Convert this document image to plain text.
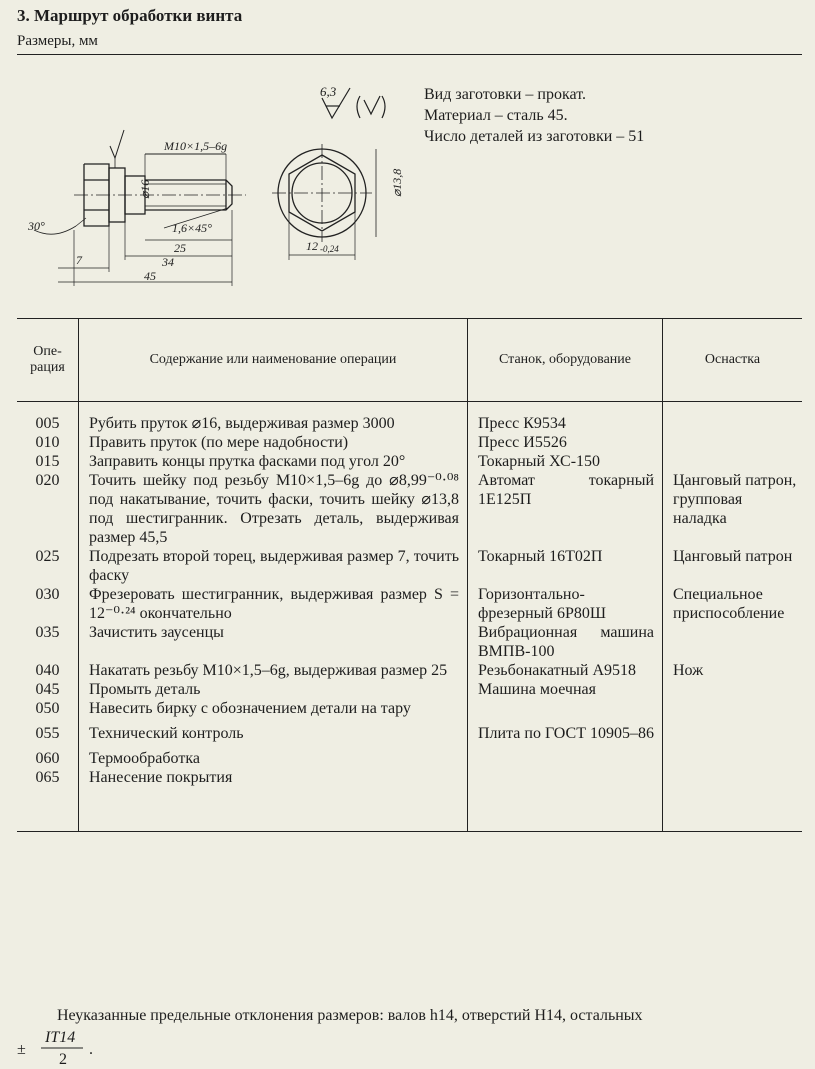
3. Маршрут обработки винта
Размеры, мм
M10×1,5–6g
⌀16
1,6×45°
25
34
45
7
30°
⌀13,8
12 -0,24
6,3	Вид заготовки – прокат.
Материал – сталь 45.
Число деталей из заготовки – 51
Опе-рация	Содержание или наименование операции	Станок, оборудование	Оснастка

005	Рубить пруток ⌀16, выдерживая размер 3000	Пресс К9534	
010	Править пруток (по мере надобности)	Пресс И5526	
015	Заправить концы прутка фасками под угол 20°	Токарный ХС-150	
020	Точить шейку под резьбу M10×1,5–6g до ⌀8,99⁻⁰·⁰⁸ под накатывание, точить фаски, точить шейку ⌀13,8 под шестигранник. Отрезать деталь, выдерживая размер 45,5	Автомат токарный 1Е125П	Цанговый патрон, групповая наладка
025	Подрезать второй торец, выдерживая размер 7, точить фаску	Токарный 16Т02П	Цанговый патрон
030	Фрезеровать шестигранник, выдерживая размер S = 12⁻⁰·²⁴ окончательно	Горизонтально-фрезерный 6Р80Ш	Специальное приспособление
035	Зачистить заусенцы	Вибрационная машина ВМПВ-100	
040	Накатать резьбу M10×1,5–6g, выдерживая размер 25	Резьбонакатный А9518	Нож
045	Промыть деталь	Машина моечная	
050	Навесить бирку с обозначением детали на тару		
055	Технический контроль	Плита по ГОСТ 10905–86	
060	Термообработка		
065	Нанесение покрытия		

Неуказанные предельные отклонения размеров: валов h14, отверстий H14, остальных
±
IT14
2
.
